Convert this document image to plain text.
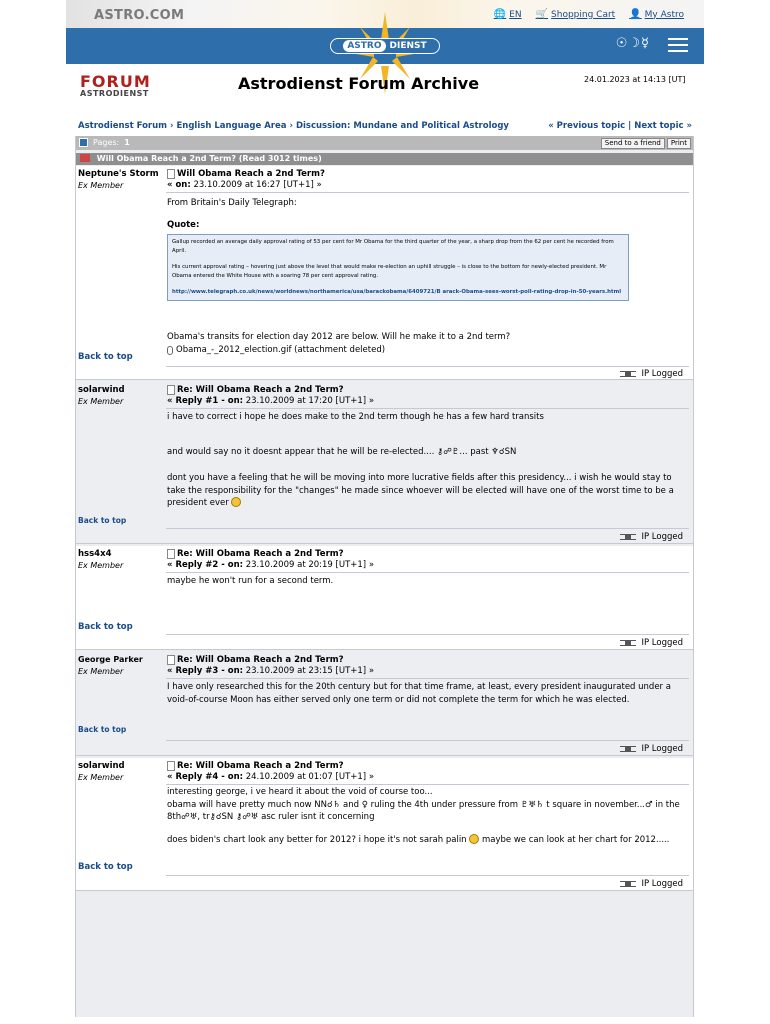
ASTRO.COM	🌐 EN 🛒 Shopping Cart 👤 My Astro
ASTRO DIENST	☉☽☿
FORUM
ASTRODIENST
Astrodienst Forum Archive	24.01.2023 at 14:13 [UT]
Astrodienst Forum › English Language Area › Discussion: Mundane and Political Astrology	« Previous topic | Next topic »
Pages: 1	Send to a friend	Print
Will Obama Reach a 2nd Term? (Read 3012 times)
Neptune's Storm
Ex Member
Will Obama Reach a 2nd Term?
« on: 23.10.2009 at 16:27 [UT+1] »

From Britain's Daily Telegraph:

Quote:
Gallup recorded an average daily approval rating of 53 per cent for Mr Obama for the third quarter of the year, a sharp drop from the 62 per cent he recorded from April.
His current approval rating – hovering just above the level that would make re-election an uphill struggle – is close to the bottom for newly-elected president. Mr Obama entered the White House with a soaring 78 per cent approval rating.
http://www.telegraph.co.uk/news/worldnews/northamerica/usa/barackobama/6409721/B arack-Obama-sees-worst-poll-rating-drop-in-50-years.html

Obama's transits for election day 2012 are below. Will he make it to a 2nd term?

Obama_-_2012_election.gif (attachment deleted)
Back to top
IP Logged
solarwind
Ex Member
Re: Will Obama Reach a 2nd Term?
« Reply #1 - on: 23.10.2009 at 17:20 [UT+1] »

i have to correct i hope he does make to the 2nd term though he has a few hard transits

and would say no it doesnt appear that he will be re-elected.... ⚷☍♇... past ♆☌SN

dont you have a feeling that he will be moving into more lucrative fields after this presidency... i wish he would stay to take the responsibility for the "changes" he made since whoever will be elected will have one of the worst time to be a president ever

Back to top
IP Logged
hss4x4
Ex Member
Re: Will Obama Reach a 2nd Term?
« Reply #2 - on: 23.10.2009 at 20:19 [UT+1] »

maybe he won't run for a second term.

Back to top
IP Logged
George Parker
Ex Member
Re: Will Obama Reach a 2nd Term?
« Reply #3 - on: 23.10.2009 at 23:15 [UT+1] »

I have only researched this for the 20th century but for that time frame, at least, every president inaugurated under a void-of-course Moon has either served only one term or did not complete the term for which he was elected.

Back to top
IP Logged
solarwind
Ex Member
Re: Will Obama Reach a 2nd Term?
« Reply #4 - on: 24.10.2009 at 01:07 [UT+1] »

interesting george, i ve heard it about the void of course too...

obama will have pretty much now NN☌♄ and ♀ ruling the 4th under pressure from ♇♅♄ t square in november...♂ in the 8th☍♅, tr⚷☌SN ⚷☍♅ asc ruler isnt it concerning

does biden's chart look any better for 2012? i hope it's not sarah palin maybe we can look at her chart for 2012.....

Back to top
IP Logged
